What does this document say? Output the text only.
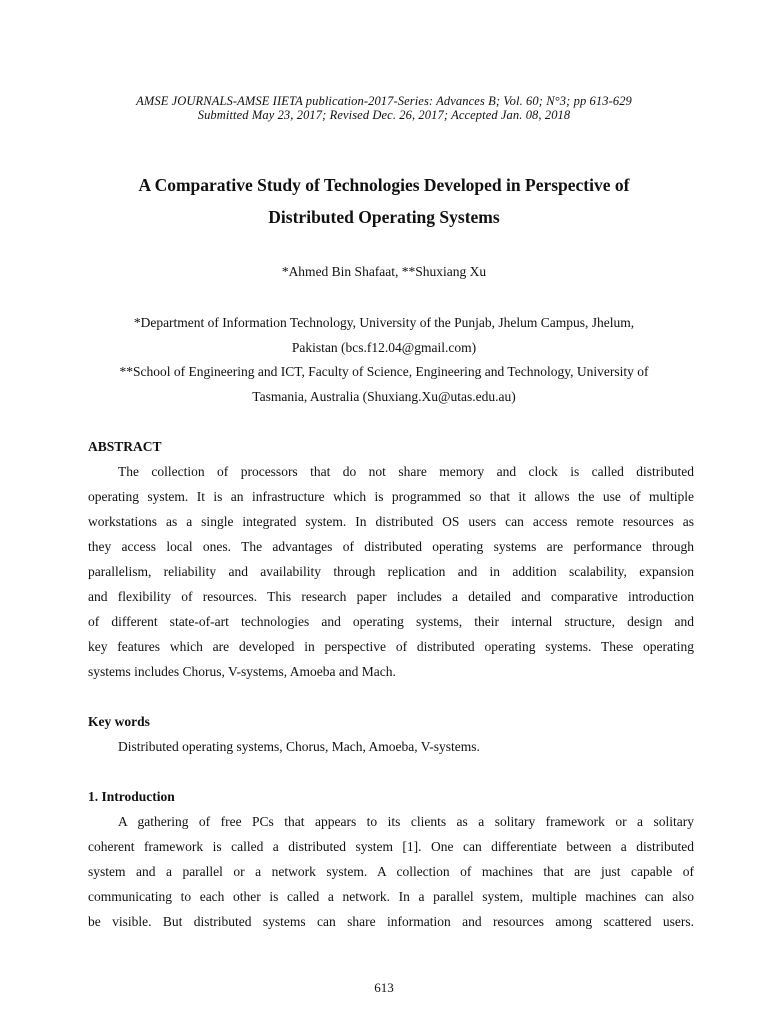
AMSE JOURNALS-AMSE IIETA publication-2017-Series: Advances B; Vol. 60; N°3; pp 613-629
Submitted May 23, 2017; Revised Dec. 26, 2017; Accepted Jan. 08, 2018
A Comparative Study of Technologies Developed in Perspective of
Distributed Operating Systems
*Ahmed Bin Shafaat, **Shuxiang Xu
*Department of Information Technology, University of the Punjab, Jhelum Campus, Jhelum,
Pakistan (bcs.f12.04@gmail.com)
**School of Engineering and ICT, Faculty of Science, Engineering and Technology, University of
Tasmania, Australia (Shuxiang.Xu@utas.edu.au)
ABSTRACT
The collection of processors that do not share memory and clock is called distributed
operating system. It is an infrastructure which is programmed so that it allows the use of multiple
workstations as a single integrated system. In distributed OS users can access remote resources as
they access local ones. The advantages of distributed operating systems are performance through
parallelism, reliability and availability through replication and in addition scalability, expansion
and flexibility of resources. This research paper includes a detailed and comparative introduction
of different state-of-art technologies and operating systems, their internal structure, design and
key features which are developed in perspective of distributed operating systems. These operating
systems includes Chorus, V-systems, Amoeba and Mach.
Key words
Distributed operating systems, Chorus, Mach, Amoeba, V-systems.
1. Introduction
A gathering of free PCs that appears to its clients as a solitary framework or a solitary
coherent framework is called a distributed system [1]. One can differentiate between a distributed
system and a parallel or a network system. A collection of machines that are just capable of
communicating to each other is called a network. In a parallel system, multiple machines can also
be visible. But distributed systems can share information and resources among scattered users.
613
